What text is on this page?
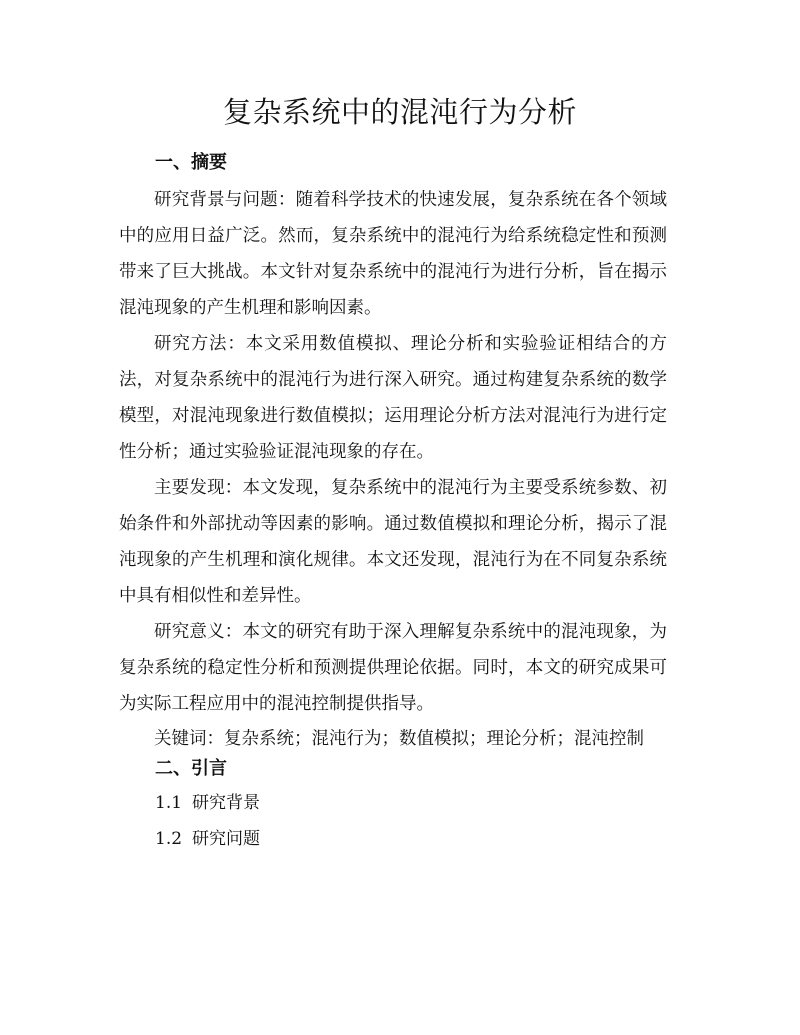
复杂系统中的混沌行为分析
一、摘要

研究背景与问题：随着科学技术的快速发展，复杂系统在各个领域中的应用日益广泛。然而，复杂系统中的混沌行为给系统稳定性和预测带来了巨大挑战。本文针对复杂系统中的混沌行为进行分析，旨在揭示混沌现象的产生机理和影响因素。

研究方法：本文采用数值模拟、理论分析和实验验证相结合的方法，对复杂系统中的混沌行为进行深入研究。通过构建复杂系统的数学模型，对混沌现象进行数值模拟；运用理论分析方法对混沌行为进行定性分析；通过实验验证混沌现象的存在。

主要发现：本文发现，复杂系统中的混沌行为主要受系统参数、初始条件和外部扰动等因素的影响。通过数值模拟和理论分析，揭示了混沌现象的产生机理和演化规律。本文还发现，混沌行为在不同复杂系统中具有相似性和差异性。

研究意义：本文的研究有助于深入理解复杂系统中的混沌现象，为复杂系统的稳定性分析和预测提供理论依据。同时，本文的研究成果可为实际工程应用中的混沌控制提供指导。

关键词：复杂系统；混沌行为；数值模拟；理论分析；混沌控制

二、引言

1.1 研究背景

1.2 研究问题
